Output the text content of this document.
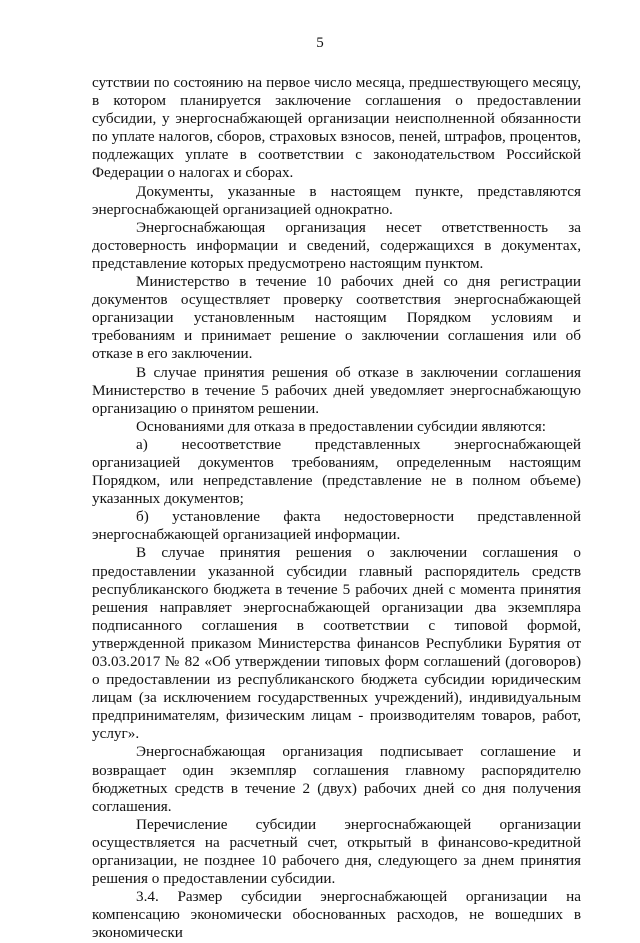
5

сутствии по состоянию на первое число месяца, предшествующего месяцу, в котором планируется заключение соглашения о предоставлении субсидии, у энергоснабжающей организации неисполненной обязанности по уплате налогов, сборов, страховых взносов, пеней, штрафов, процентов, подлежащих уплате в соответствии с законодательством Российской Федерации о налогах и сборах.

Документы, указанные в настоящем пункте, представляются энергоснабжающей организацией однократно.

Энергоснабжающая организация несет ответственность за достоверность информации и сведений, содержащихся в документах, представление которых предусмотрено настоящим пунктом.

Министерство в течение 10 рабочих дней со дня регистрации документов осуществляет проверку соответствия энергоснабжающей организации установленным настоящим Порядком условиям и требованиям и принимает решение о заключении соглашения или об отказе в его заключении.

В случае принятия решения об отказе в заключении соглашения Министерство в течение 5 рабочих дней уведомляет энергоснабжающую организацию о принятом решении.

Основаниями для отказа в предоставлении субсидии являются:

а) несоответствие представленных энергоснабжающей организацией документов требованиям, определенным настоящим Порядком, или непредставление (представление не в полном объеме) указанных документов;

б) установление факта недостоверности представленной энергоснабжающей организацией информации.

В случае принятия решения о заключении соглашения о предоставлении указанной субсидии главный распорядитель средств республиканского бюджета в течение 5 рабочих дней с момента принятия решения направляет энергоснабжающей организации два экземпляра подписанного соглашения в соответствии с типовой формой, утвержденной приказом Министерства финансов Республики Бурятия от 03.03.2017 № 82 «Об утверждении типовых форм соглашений (договоров) о предоставлении из республиканского бюджета субсидии юридическим лицам (за исключением государственных учреждений), индивидуальным предпринимателям, физическим лицам - производителям товаров, работ, услуг».

Энергоснабжающая организация подписывает соглашение и возвращает один экземпляр соглашения главному распорядителю бюджетных средств в течение 2 (двух) рабочих дней со дня получения соглашения.

Перечисление субсидии энергоснабжающей организации осуществляется на расчетный счет, открытый в финансово-кредитной организации, не позднее 10 рабочего дня, следующего за днем принятия решения о предоставлении субсидии.

3.4. Размер субсидии энергоснабжающей организации на компенсацию экономически обоснованных расходов, не вошедших в экономически
